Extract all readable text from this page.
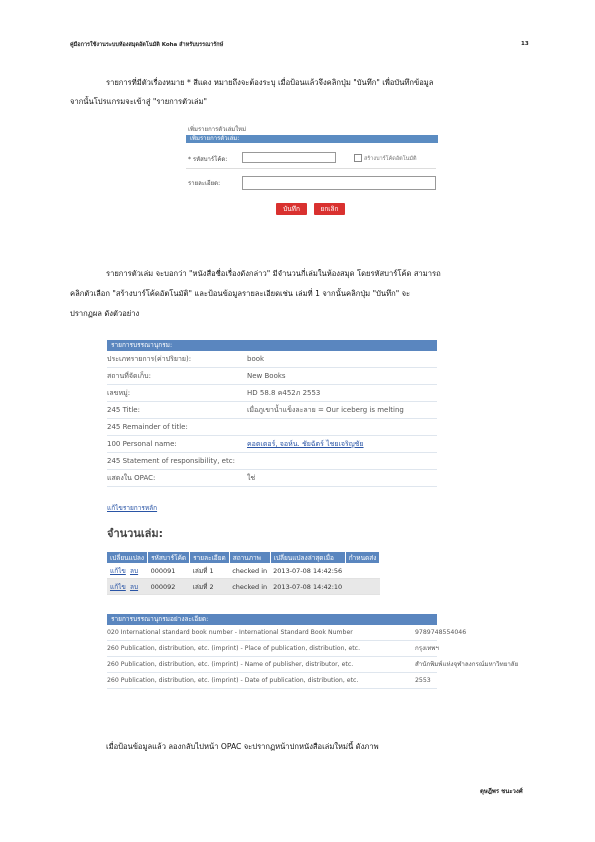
คู่มือการใช้งานระบบห้องสมุดอัตโนมัติ Koha สำหรับบรรณารักษ์	13
รายการที่มีตัวเรื่องหมาย * สีแดง หมายถึงจะต้องระบุ เมื่อป้อนแล้วจึงคลิกปุ่ม "บันทึก" เพื่อบันทึกข้อมูล
จากนั้นโปรแกรมจะเข้าสู่ "รายการตัวเล่ม"
เพิ่มรายการตัวเล่มใหม่
เพิ่มรายการตัวเล่ม:
* รหัสบาร์โค้ด:	สร้างบาร์โค้ดอัตโนมัติ
รายละเอียด:
บันทึก	ยกเลิก
รายการตัวเล่ม จะบอกว่า "หนังสือชื่อเรื่องดังกล่าว" มีจำนวนกี่เล่มในห้องสมุด โดยรหัสบาร์โค้ด สามารถ
คลิกตัวเลือก "สร้างบาร์โค้ดอัตโนมัติ" และป้อนข้อมูลรายละเอียดเช่น เล่มที่ 1 จากนั้นคลิกปุ่ม "บันทึก" จะ
ปรากฏผล ดังตัวอย่าง
รายการบรรณานุกรม:
ประเภทรายการ(ค่าปริยาย):	book
สถานที่จัดเก็บ:	New Books
เลขหมู่:	HD 58.8 ค452ภ 2553
245 Title:	เมื่อภูเขาน้ำแข็งละลาย = Our iceberg is melting
245 Remainder of title:
100 Personal name:	คอตเตอร์, จอห์น. ชัยฉัตร์ ไชยเจริญชัย
245 Statement of responsibility, etc:
แสดงใน OPAC:	ใช่
แก้ไขรายการหลัก
จำนวนเล่ม:
เปลี่ยนแปลง	รหัสบาร์โค้ด	รายละเอียด	สถานภาพ	เปลี่ยนแปลงล่าสุดเมื่อ	กำหนดส่ง
แก้ไข ลบ	000091	เล่มที่ 1	checked in	2013-07-08 14:42:56	
แก้ไข ลบ	000092	เล่มที่ 2	checked in	2013-07-08 14:42:10	
รายการบรรณานุกรมอย่างละเอียด:
020 International standard book number - International Standard Book Number	9789748554046
260 Publication, distribution, etc. (imprint) - Place of publication, distribution, etc.	กรุงเทพฯ
260 Publication, distribution, etc. (imprint) - Name of publisher, distributor, etc.	สำนักพิมพ์แห่งจุฬาลงกรณ์มหาวิทยาลัย
260 Publication, distribution, etc. (imprint) - Date of publication, distribution, etc.	2553
เมื่อป้อนข้อมูลแล้ว ลองกลับไปหน้า OPAC จะปรากฏหน้าปกหนังสือเล่มใหม่นี้ ดังภาพ
ดุษฎีพร ชนะวงศ์
